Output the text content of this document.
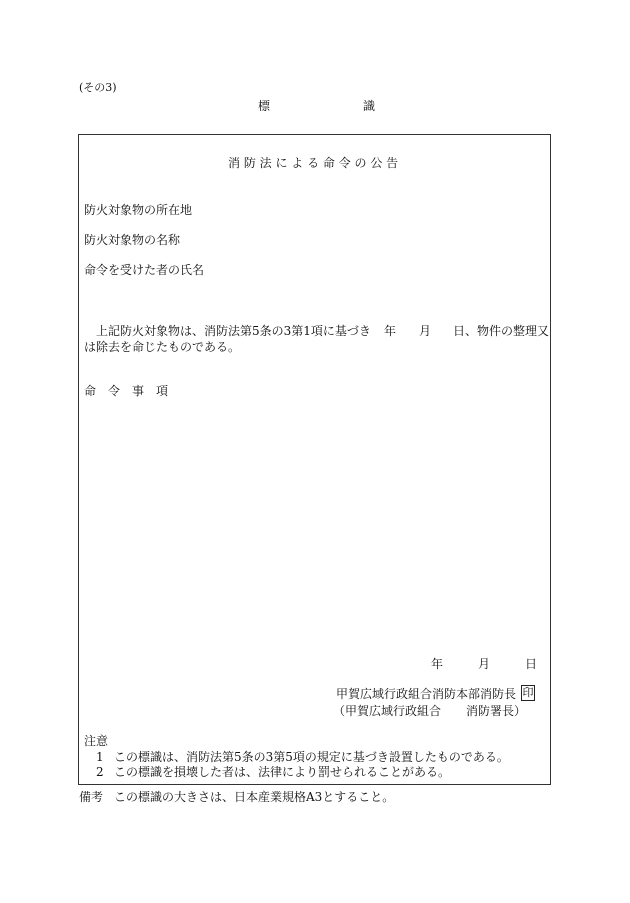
(その3)
標	識
消 防 法 に よ る 命 令 の 公 告
防火対象物の所在地
防火対象物の名称
命令を受けた者の氏名
上記防火対象物は、消防法第5条の3第1項に基づき 年 月 日、物件の整理又
は除去を命じたものである。
命　令　事　項
年	月	日
甲賀広域行政組合消防本部消防長 印
（甲賀広域行政組合 消防署長）
注意
1 この標識は、消防法第5条の3第5項の規定に基づき設置したものである。
2 この標識を損壊した者は、法律により罰せられることがある。
備考 この標識の大きさは、日本産業規格A3とすること。
